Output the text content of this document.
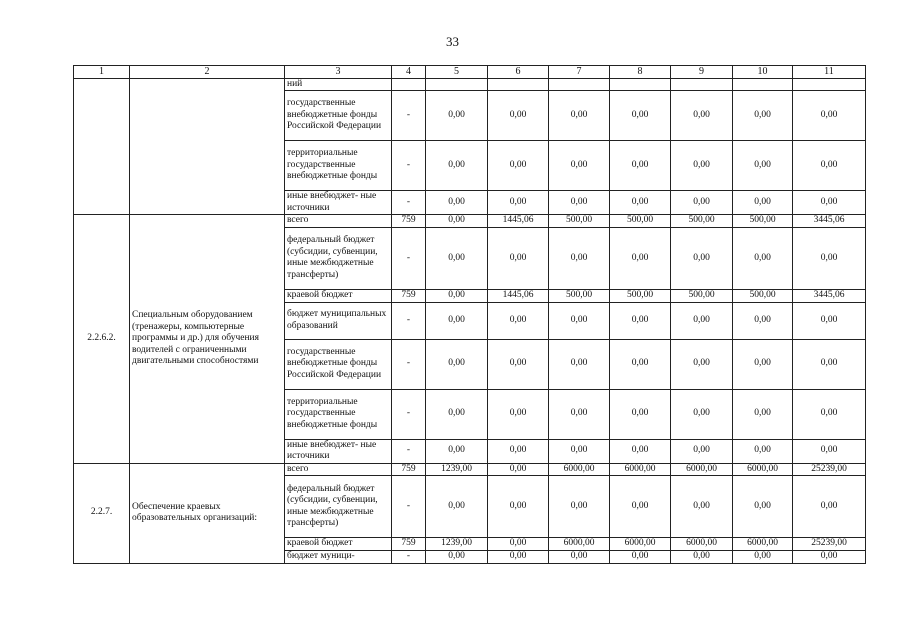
33
1	2	3	4	5	6	7	8	9	10	11
		ний								
		государственные внебюджетные фонды Российской Федерации	-	0,00	0,00	0,00	0,00	0,00	0,00	0,00
		территориальные государственные внебюджетные фонды	-	0,00	0,00	0,00	0,00	0,00	0,00	0,00
		иные внебюджет- ные источники	-	0,00	0,00	0,00	0,00	0,00	0,00	0,00
2.2.6.2.	Специальным оборудованием (тренажеры, компьютерные программы и др.) для обучения водителей с ограниченными двигательными способностями	всего	759	0,00	1445,06	500,00	500,00	500,00	500,00	3445,06
		федеральный бюджет (субсидии, субвенции, иные межбюджетные трансферты)	-	0,00	0,00	0,00	0,00	0,00	0,00	0,00
		краевой бюджет	759	0,00	1445,06	500,00	500,00	500,00	500,00	3445,06
		бюджет муниципальных образований	-	0,00	0,00	0,00	0,00	0,00	0,00	0,00
		государственные внебюджетные фонды Российской Федерации	-	0,00	0,00	0,00	0,00	0,00	0,00	0,00
		территориальные государственные внебюджетные фонды	-	0,00	0,00	0,00	0,00	0,00	0,00	0,00
		иные внебюджет- ные источники	-	0,00	0,00	0,00	0,00	0,00	0,00	0,00
2.2.7.	Обеспечение краевых образовательных организаций:	всего	759	1239,00	0,00	6000,00	6000,00	6000,00	6000,00	25239,00
		федеральный бюджет (субсидии, субвенции, иные межбюджетные трансферты)	-	0,00	0,00	0,00	0,00	0,00	0,00	0,00
		краевой бюджет	759	1239,00	0,00	6000,00	6000,00	6000,00	6000,00	25239,00
		бюджет муници-	-	0,00	0,00	0,00	0,00	0,00	0,00	0,00
